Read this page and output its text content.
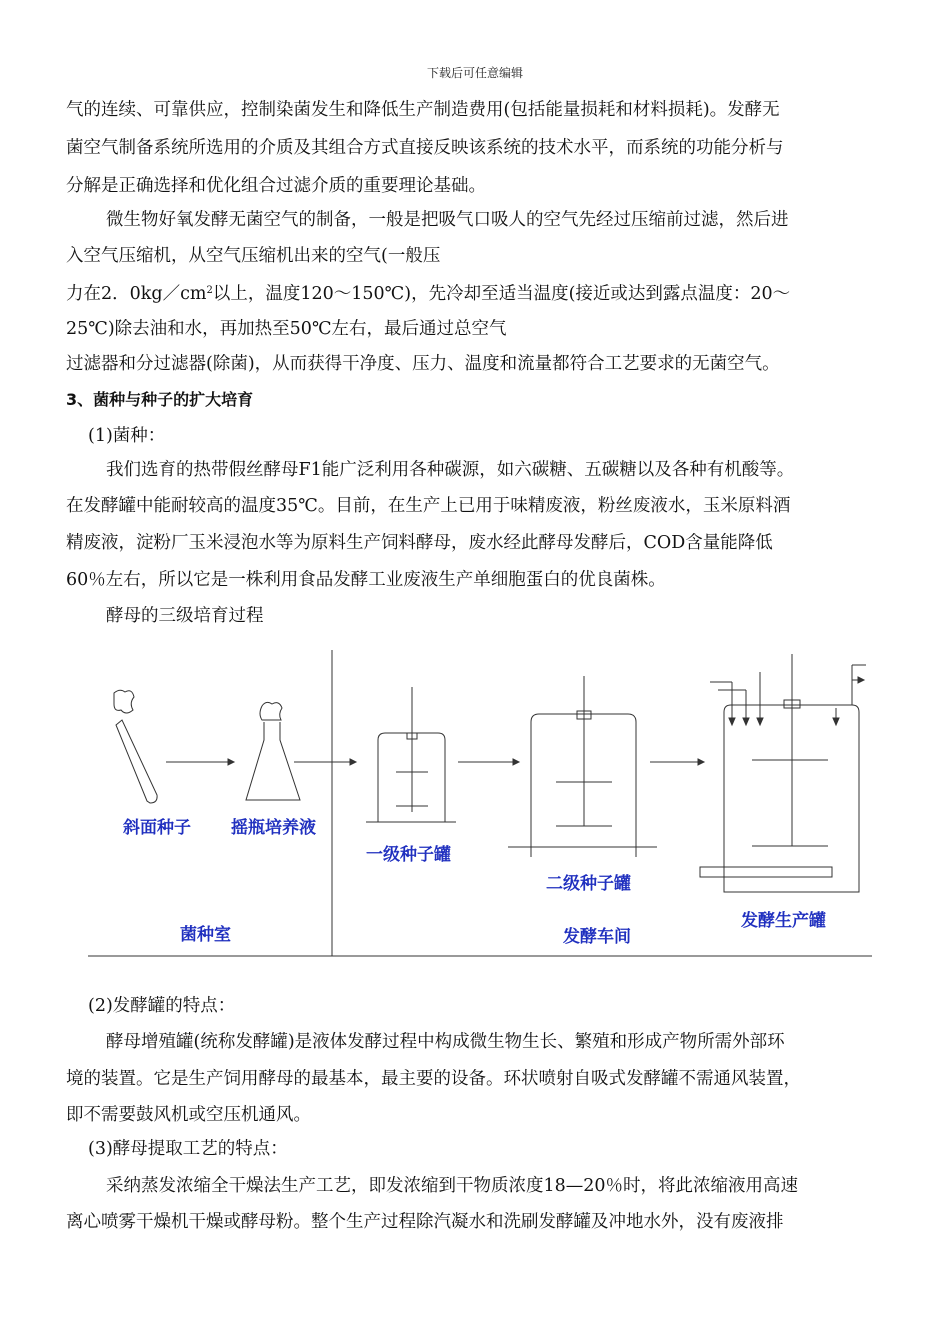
下载后可任意编辑
气的连续、可靠供应，控制染菌发生和降低生产制造费用(包括能量损耗和材料损耗)。发酵无
菌空气制备系统所选用的介质及其组合方式直接反映该系统的技术水平，而系统的功能分析与
分解是正确选择和优化组合过滤介质的重要理论基础。
微生物好氧发酵无菌空气的制备，一般是把吸气口吸人的空气先经过压缩前过滤，然后进
入空气压缩机，从空气压缩机出来的空气(一般压
力在2．$0kg/cm^2$以上，温度120～150℃)，先冷却至适当温度(接近或达到露点温度：20～
25℃)除去油和水，再加热至50℃左右，最后通过总空气
过滤器和分过滤器(除菌)，从而获得干净度、压力、温度和流量都符合工艺要求的无菌空气。
3、菌种与种子的扩大培育
(1)菌种：
我们选育的热带假丝酵母F1能广泛利用各种碳源，如六碳糖、五碳糖以及各种有机酸等。
在发酵罐中能耐较高的温度35℃。目前，在生产上已用于味精废液，粉丝废液水，玉米原料酒
精废液，淀粉厂玉米浸泡水等为原料生产饲料酵母，废水经此酵母发酵后，COD含量能降低
60％左右，所以它是一株利用食品发酵工业废液生产单细胞蛋白的优良菌株。
酵母的三级培育过程
斜面种子 摇瓶培养液
一级种子罐
二级种子罐
发酵生产罐
菌种室	发酵车间
(2)发酵罐的特点：
酵母增殖罐(统称发酵罐)是液体发酵过程中构成微生物生长、繁殖和形成产物所需外部环
境的装置。它是生产饲用酵母的最基本，最主要的设备。环状喷射自吸式发酵罐不需通风装置，
即不需要鼓风机或空压机通风。
(3)酵母提取工艺的特点：
采纳蒸发浓缩全干燥法生产工艺，即发浓缩到干物质浓度18—20％时，将此浓缩液用高速
离心喷雾干燥机干燥或酵母粉。整个生产过程除汽凝水和洗刷发酵罐及冲地水外，没有废液排
